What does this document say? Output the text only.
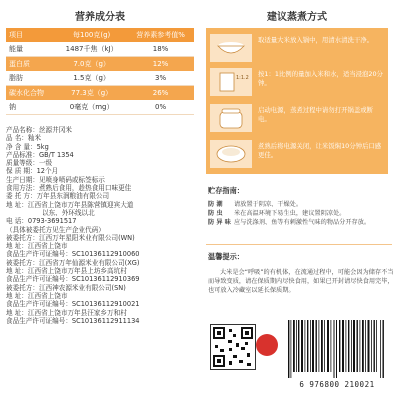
营养成分表
项目	每100克(g)	营养素参考值%
能量	1487千焦（kJ）	18%
蛋白质	7.0克（g）	12%
脂肪	1.5克（g）	3%
碳水化合物	77.3克（g）	26%
钠	0毫克（mg）	0%
产品名称：丝源井冈米
品 名：籼米
净 含 量：5kg
产品标准：GB/T 1354
质量等级：一级
保 质 期：12个月
生产日期：见喷身喷码或标签标示
食用方法：煮熟后食用，趁热食用口味更佳
委 托 方：万年县东润粮油有限公司
地 址：江西省上饶市万年县陈营镇迎宾大道
以东、外环线以北
电 话：0793-3691517
（具体被委托方见生产企业代码）
被委托方：江西万年星阳米业有限公司(WN)
地 址：江西省上饶市
食品生产许可证编号：SC10136112910060
被委托方：江西省万年仙源米业有限公司(XG)
地 址：江西省上饶市万年县上坊乡高坑村
食品生产许可证编号：SC10136112910369
被委托方：江西神农源米业有限公司(SN)
地 址：江西省上饶市
食品生产许可证编号：SC10136112910021
地 址：江西省上饶市万年县汪家乡万和村
食品生产许可证编号：SC10136112911134
建议蒸煮方式
取适量大米放入锅中，用清水清洗干净。
1:1.2 按1：1比例的量加入米和水，适当浸泡20分钟。
启动电源，蒸煮过程中请勿打开锅盖或断电。
煮熟后将电源关闭，让米饭焖10分钟后口感更佳。
贮存指南：
防 潮 请放置于阴凉、干燥处。
防 虫 米在高温环境下易生虫，建议置阴凉处。
防 异 味 应与洗涤剂、鱼等有刺激性气味的物品分开存放。
温馨提示：
大米是会“呼吸”的有机体，在流通过程中，可能会因为储存不当而导致变质，请在保质期内尽快食用，如果已开封请尽快食用完毕，也可放入冷藏室以延长保质期。
6 976800 210021
